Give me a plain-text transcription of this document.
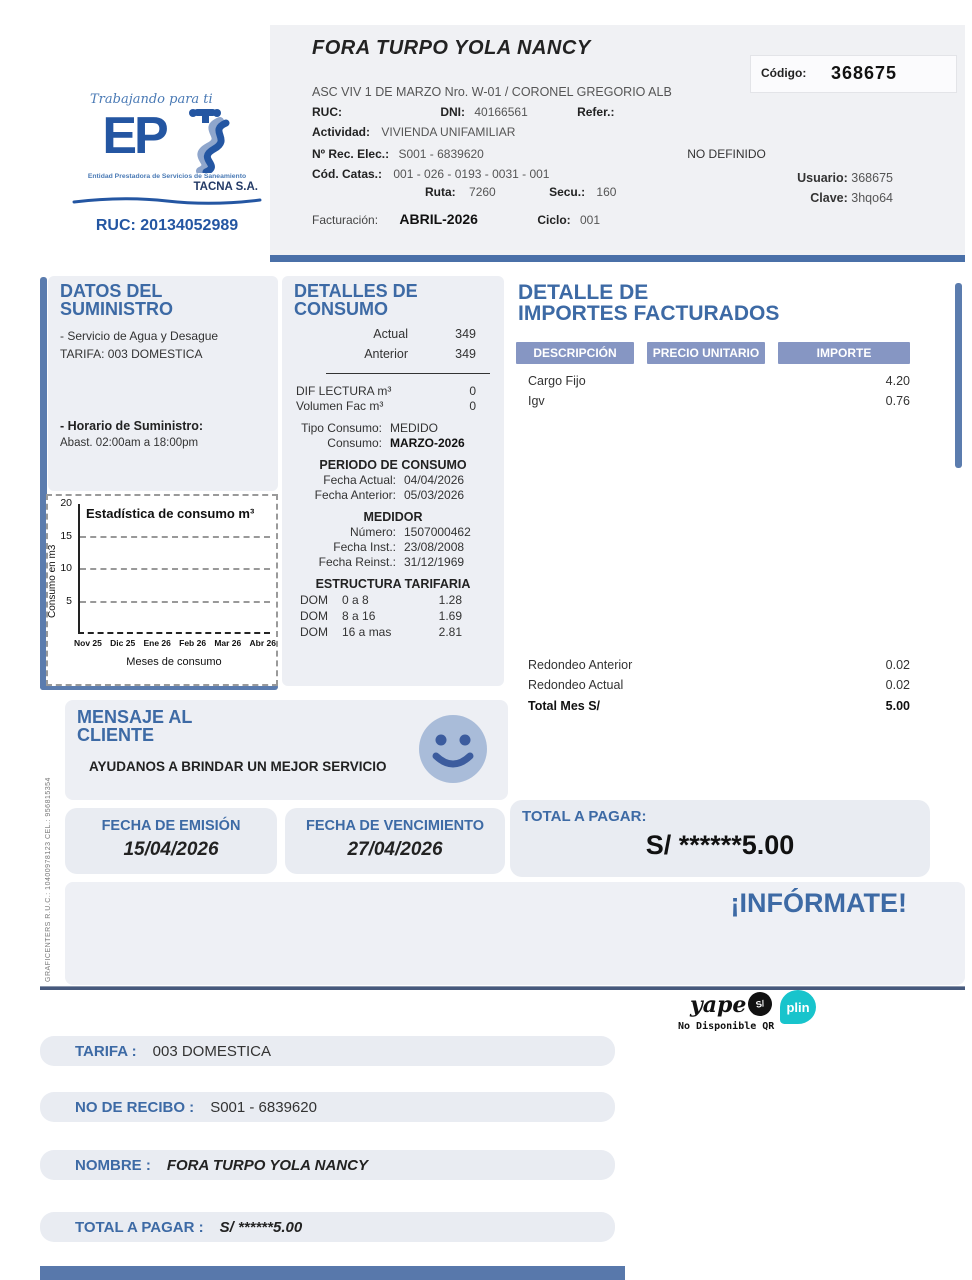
GRAFICENTERS R.U.C.: 10400978123 CEL.: 956815354
FORA TURPO YOLA NANCY
Código: 368675
ASC VIV 1 DE MARZO Nro. W-01 / CORONEL GREGORIO ALB
RUC:	DNI: 40166561	Refer.:
Actividad: VIVIENDA UNIFAMILIAR
Nº Rec. Elec.: S001 - 6839620	NO DEFINIDO
Cód. Catas.: 001 - 026 - 0193 - 0031 - 001
Ruta: 7260	Secu.: 160
Usuario: 368675
Clave: 3hqo64
Facturación: ABRIL-2026	Ciclo: 001
Trabajando para ti
EP
Entidad Prestadora de Servicios de Saneamiento
TACNA S.A.
RUC: 20134052989
DATOS DEL
SUMINISTRO
- Servicio de Agua y Desague
TARIFA: 003 DOMESTICA
- Horario de Suministro:
Abast. 02:00am a 18:00pm
Consumo en m3
20
15
10
5
Estadística de consumo m³
Nov 25 Dic 25 Ene 26 Feb 26 Mar 26 Abr 26
Meses de consumo
DETALLES DE
CONSUMO
Actual	349
Anterior	349
DIF LECTURA m³	0
Volumen Fac m³	0
Tipo Consumo: MEDIDO
Consumo: MARZO-2026
PERIODO DE CONSUMO
Fecha Actual: 04/04/2026
Fecha Anterior: 05/03/2026
MEDIDOR
Número: 1507000462
Fecha Inst.: 23/08/2008
Fecha Reinst.: 31/12/1969
ESTRUCTURA TARIFARIA
DOM	0 a 8	1.28
DOM	8 a 16	1.69
DOM	16 a mas	2.81
DETALLE DE
IMPORTES FACTURADOS
DESCRIPCIÓN	PRECIO UNITARIO	IMPORTE
Cargo Fijo	4.20
Igv	0.76
Redondeo Anterior	0.02
Redondeo Actual	0.02
Total Mes S/	5.00
MENSAJE AL
CLIENTE
AYUDANOS A BRINDAR UN MEJOR SERVICIO
FECHA DE EMISIÓN
15/04/2026
FECHA DE VENCIMIENTO
27/04/2026
TOTAL A PAGAR:
S/ ******5.00
¡INFÓRMATE!
yape S/	plin
No Disponible QR
TARIFA : 003 DOMESTICA
NO DE RECIBO : S001 - 6839620
NOMBRE : FORA TURPO YOLA NANCY
TOTAL A PAGAR : S/ ******5.00
